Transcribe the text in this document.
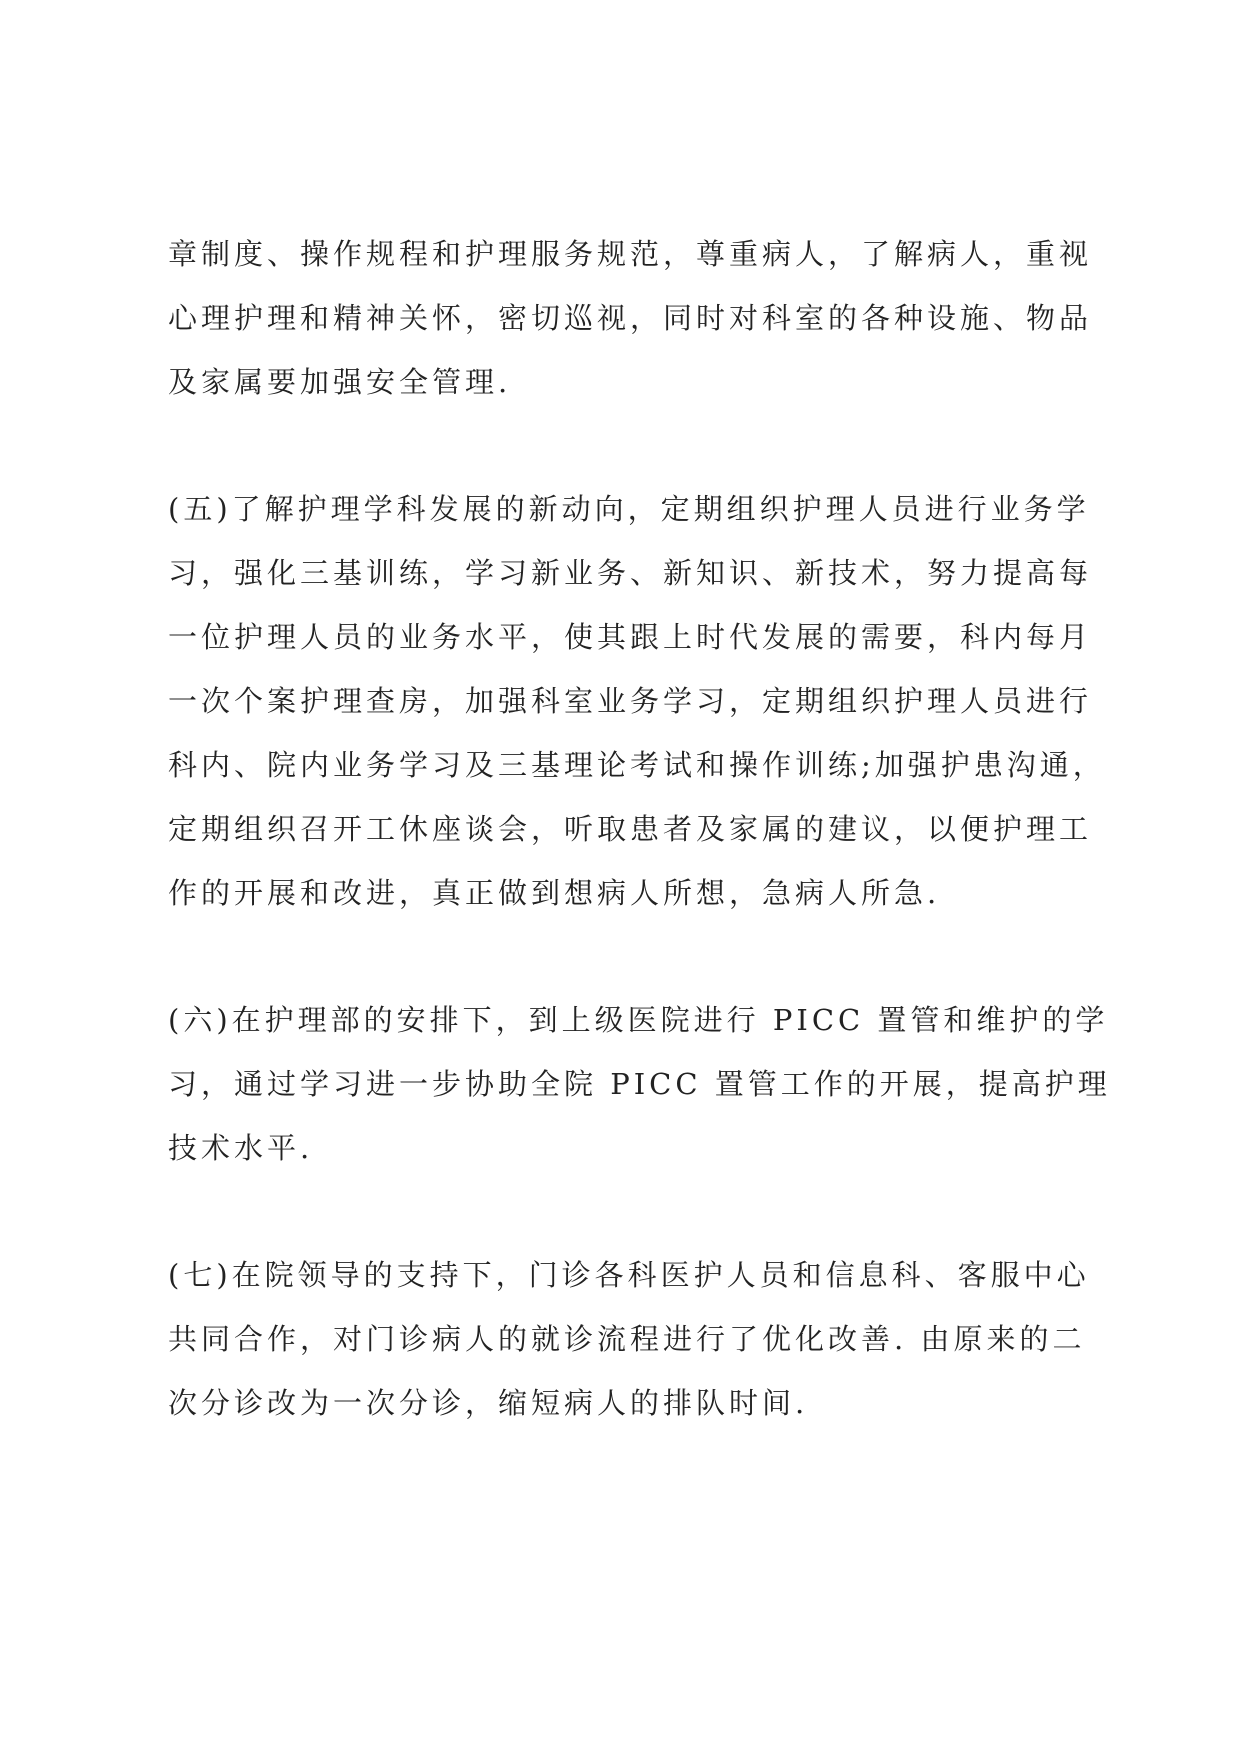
章制度、操作规程和护理服务规范，尊重病人，了解病人，重视
心理护理和精神关怀，密切巡视，同时对科室的各种设施、物品
及家属要加强安全管理.
(五)了解护理学科发展的新动向，定期组织护理人员进行业务学
习，强化三基训练，学习新业务、新知识、新技术，努力提高每
一位护理人员的业务水平，使其跟上时代发展的需要，科内每月
一次个案护理查房，加强科室业务学习，定期组织护理人员进行
科内、院内业务学习及三基理论考试和操作训练;加强护患沟通，
定期组织召开工休座谈会，听取患者及家属的建议，以便护理工
作的开展和改进，真正做到想病人所想，急病人所急.
(六)在护理部的安排下，到上级医院进行 PICC 置管和维护的学
习，通过学习进一步协助全院 PICC 置管工作的开展，提高护理
技术水平.
(七)在院领导的支持下，门诊各科医护人员和信息科、客服中心
共同合作，对门诊病人的就诊流程进行了优化改善. 由原来的二
次分诊改为一次分诊，缩短病人的排队时间.
